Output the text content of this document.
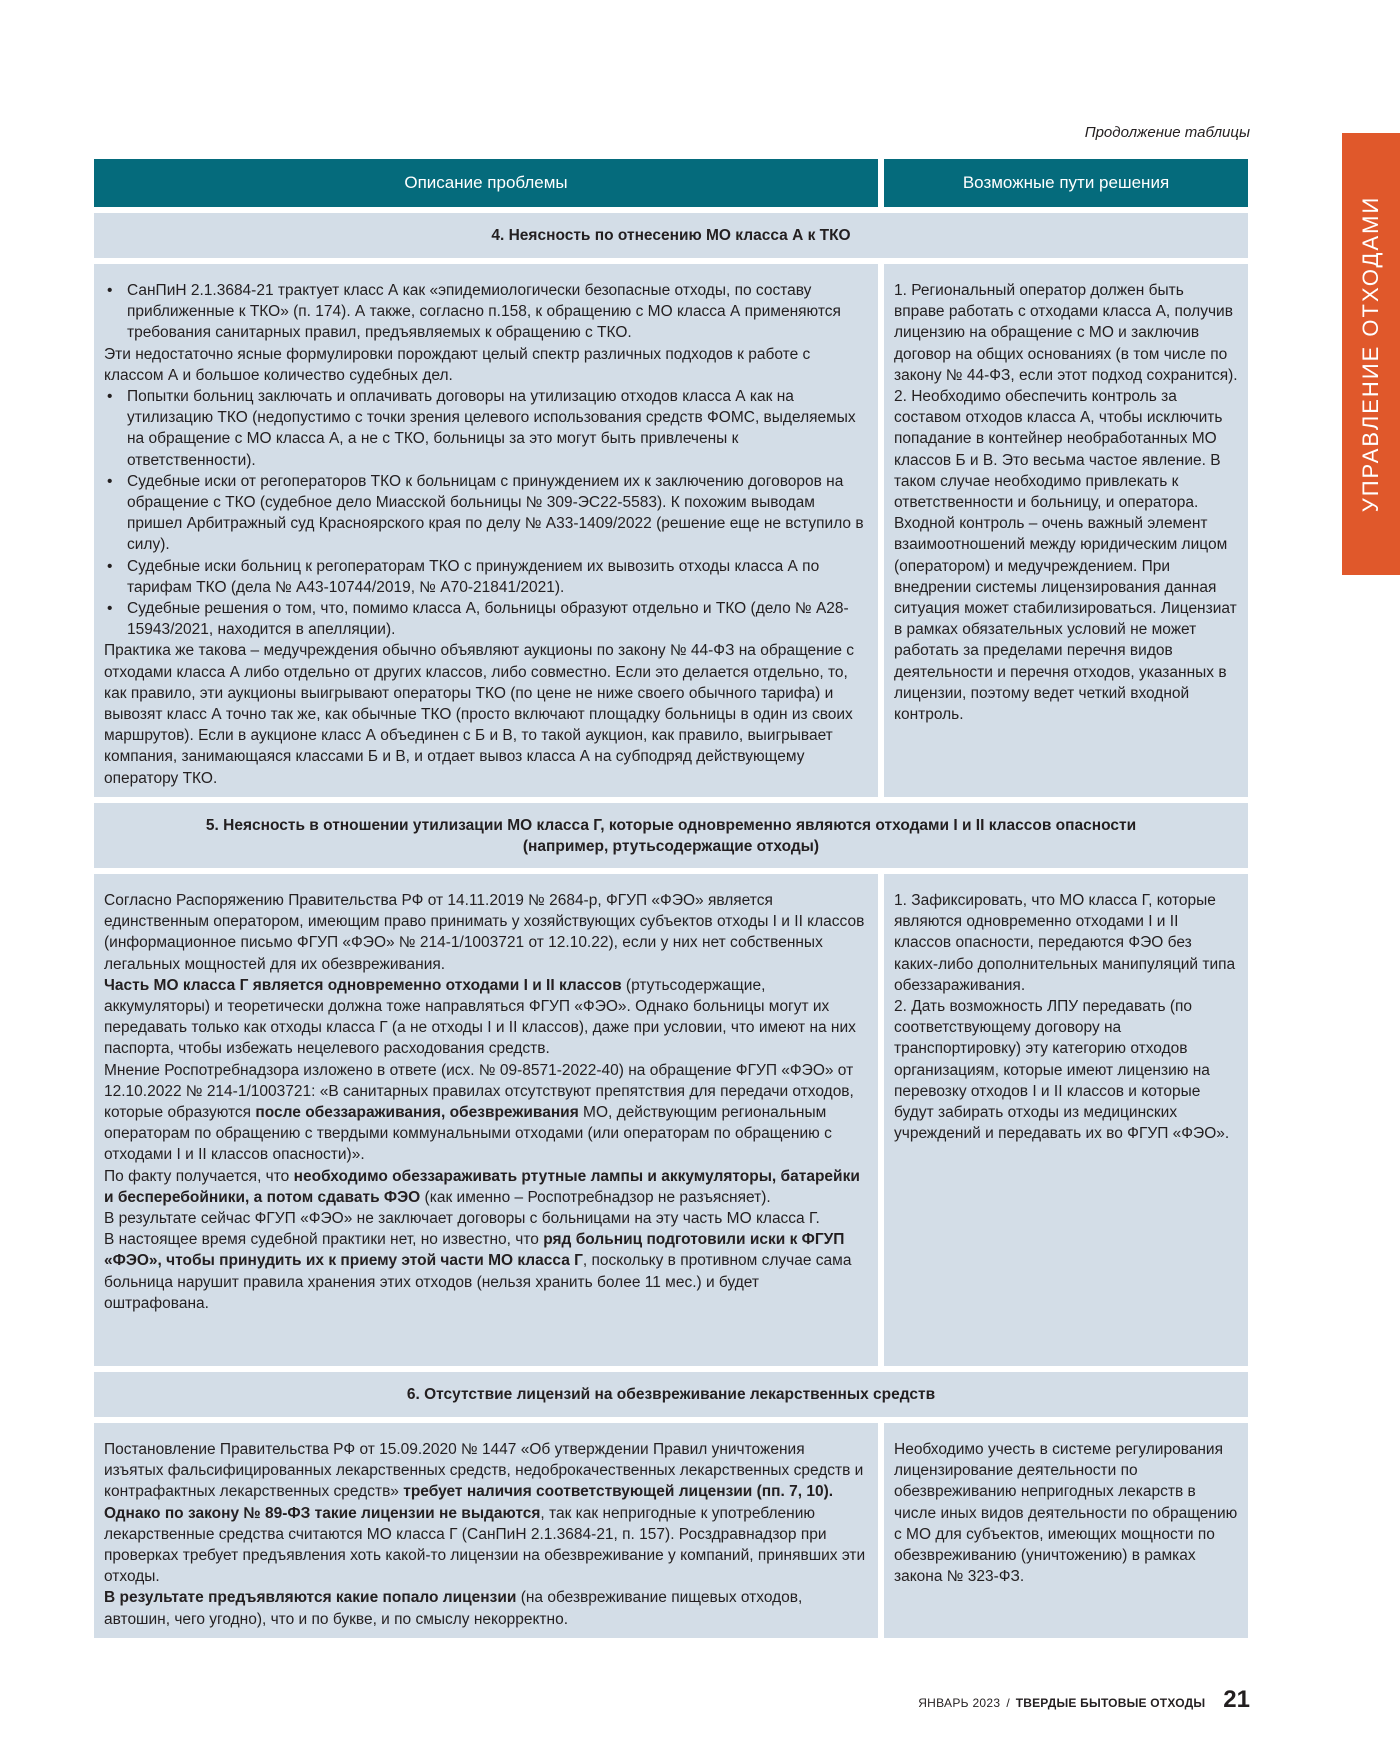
Продолжение таблицы
УПРАВЛЕНИЕ ОТХОДАМИ
Описание проблемы	Возможные пути решения
4. Неясность по отнесению МО класса А к ТКО
• СанПиН 2.1.3684-21 трактует класс А как «эпидемиологически безопасные отходы, по составу приближенные к ТКО» (п. 174). А также, согласно п.158, к обращению с МО класса А применяются требования санитарных правил, предъявляемых к обращению с ТКО.

Эти недостаточно ясные формулировки порождают целый спектр различных подходов к работе с классом А и большое количество судебных дел.

• Попытки больниц заключать и оплачивать договоры на утилизацию отходов класса А как на утилизацию ТКО (недопустимо с точки зрения целевого использования средств ФОМС, выделяемых на обращение с МО класса А, а не с ТКО, больницы за это могут быть привлечены к ответственности).
• Судебные иски от регоператоров ТКО к больницам с принуждением их к заключению договоров на обращение с ТКО (судебное дело Миасской больницы № 309-ЭС22-5583). К похожим выводам пришел Арбитражный суд Красноярского края по делу № А33-1409/2022 (решение еще не вступило в силу).
• Судебные иски больниц к регоператорам ТКО с принуждением их вывозить отходы класса А по тарифам ТКО (дела № А43-10744/2019, № А70-21841/2021).
• Судебные решения о том, что, помимо класса А, больницы образуют отдельно и ТКО (дело № А28-15943/2021, находится в апелляции).

Практика же такова – медучреждения обычно объявляют аукционы по закону № 44-ФЗ на обращение с отходами класса А либо отдельно от других классов, либо совместно. Если это делается отдельно, то, как правило, эти аукционы выигрывают операторы ТКО (по цене не ниже своего обычного тарифа) и вывозят класс А точно так же, как обычные ТКО (просто включают площадку больницы в один из своих маршрутов). Если в аукционе класс А объединен с Б и В, то такой аукцион, как правило, выигрывает компания, занимающаяся классами Б и В, и отдает вывоз класса А на субподряд действующему оператору ТКО.

1. Региональный оператор должен быть вправе работать с отходами класса А, получив лицензию на обращение с МО и заключив договор на общих основаниях (в том числе по закону № 44-ФЗ, если этот подход сохранится).
2. Необходимо обеспечить контроль за составом отходов класса А, чтобы исключить попадание в контейнер необработанных МО классов Б и В. Это весьма частое явление. В таком случае необходимо привлекать к ответственности и больницу, и оператора.
Входной контроль – очень важный элемент взаимоотношений между юридическим лицом (оператором) и медучреждением. При внедрении системы лицензирования данная ситуация может стабилизироваться. Лицензиат в рамках обязательных условий не может работать за пределами перечня видов деятельности и перечня отходов, указанных в лицензии, поэтому ведет четкий входной контроль.
5. Неясность в отношении утилизации МО класса Г, которые одновременно являются отходами I и II классов опасности
(например, ртутьсодержащие отходы)

Согласно Распоряжению Правительства РФ от 14.11.2019 № 2684-р, ФГУП «ФЭО» является единственным оператором, имеющим право принимать у хозяйствующих субъектов отходы I и II классов (информационное письмо ФГУП «ФЭО» № 214-1/1003721 от 12.10.22), если у них нет собственных легальных мощностей для их обезвреживания.

Часть МО класса Г является одновременно отходами I и II классов (ртутьсодержащие, аккумуляторы) и теоретически должна тоже направляться ФГУП «ФЭО». Однако больницы могут их передавать только как отходы класса Г (а не отходы I и II классов), даже при условии, что имеют на них паспорта, чтобы избежать нецелевого расходования средств.

Мнение Роспотребнадзора изложено в ответе (исх. № 09-8571-2022-40) на обращение ФГУП «ФЭО» от 12.10.2022 № 214-1/1003721: «В санитарных правилах отсутствуют препятствия для передачи отходов, которые образуются после обеззараживания, обезвреживания МО, действующим региональным операторам по обращению с твердыми коммунальными отходами (или операторам по обращению с отходами I и II классов опасности)».

По факту получается, что необходимо обеззараживать ртутные лампы и аккумуляторы, батарейки и бесперебойники, а потом сдавать ФЭО (как именно – Роспотребнадзор не разъясняет).

В результате сейчас ФГУП «ФЭО» не заключает договоры с больницами на эту часть МО класса Г.

В настоящее время судебной практики нет, но известно, что ряд больниц подготовили иски к ФГУП «ФЭО», чтобы принудить их к приему этой части МО класса Г, поскольку в противном случае сама больница нарушит правила хранения этих отходов (нельзя хранить более 11 мес.) и будет оштрафована.

1. Зафиксировать, что МО класса Г, которые являются одновременно отходами I и II классов опасности, передаются ФЭО без каких-либо дополнительных манипуляций типа обеззараживания.
2. Дать возможность ЛПУ передавать (по соответствующему договору на транспортировку) эту категорию отходов организациям, которые имеют лицензию на перевозку отходов I и II классов и которые будут забирать отходы из медицинских учреждений и передавать их во ФГУП «ФЭО».
6. Отсутствие лицензий на обезвреживание лекарственных средств

Постановление Правительства РФ от 15.09.2020 № 1447 «Об утверждении Правил уничтожения изъятых фальсифицированных лекарственных средств, недоброкачественных лекарственных средств и контрафактных лекарственных средств» требует наличия соответствующей лицензии (пп. 7, 10). Однако по закону № 89-ФЗ такие лицензии не выдаются, так как непригодные к употреблению лекарственные средства считаются МО класса Г (СанПиН 2.1.3684-21, п. 157). Росздравнадзор при проверках требует предъявления хоть какой-то лицензии на обезвреживание у компаний, принявших эти отходы.

В результате предъявляются какие попало лицензии (на обезвреживание пищевых отходов, автошин, чего угодно), что и по букве, и по смыслу некорректно.

Необходимо учесть в системе регулирования лицензирование деятельности по обезвреживанию непригодных лекарств в числе иных видов деятельности по обращению с МО для субъектов, имеющих мощности по обезвреживанию (уничтожению) в рамках закона № 323-ФЗ.
ЯНВАРЬ 2023 / ТВЕРДЫЕ БЫТОВЫЕ ОТХОДЫ 21
